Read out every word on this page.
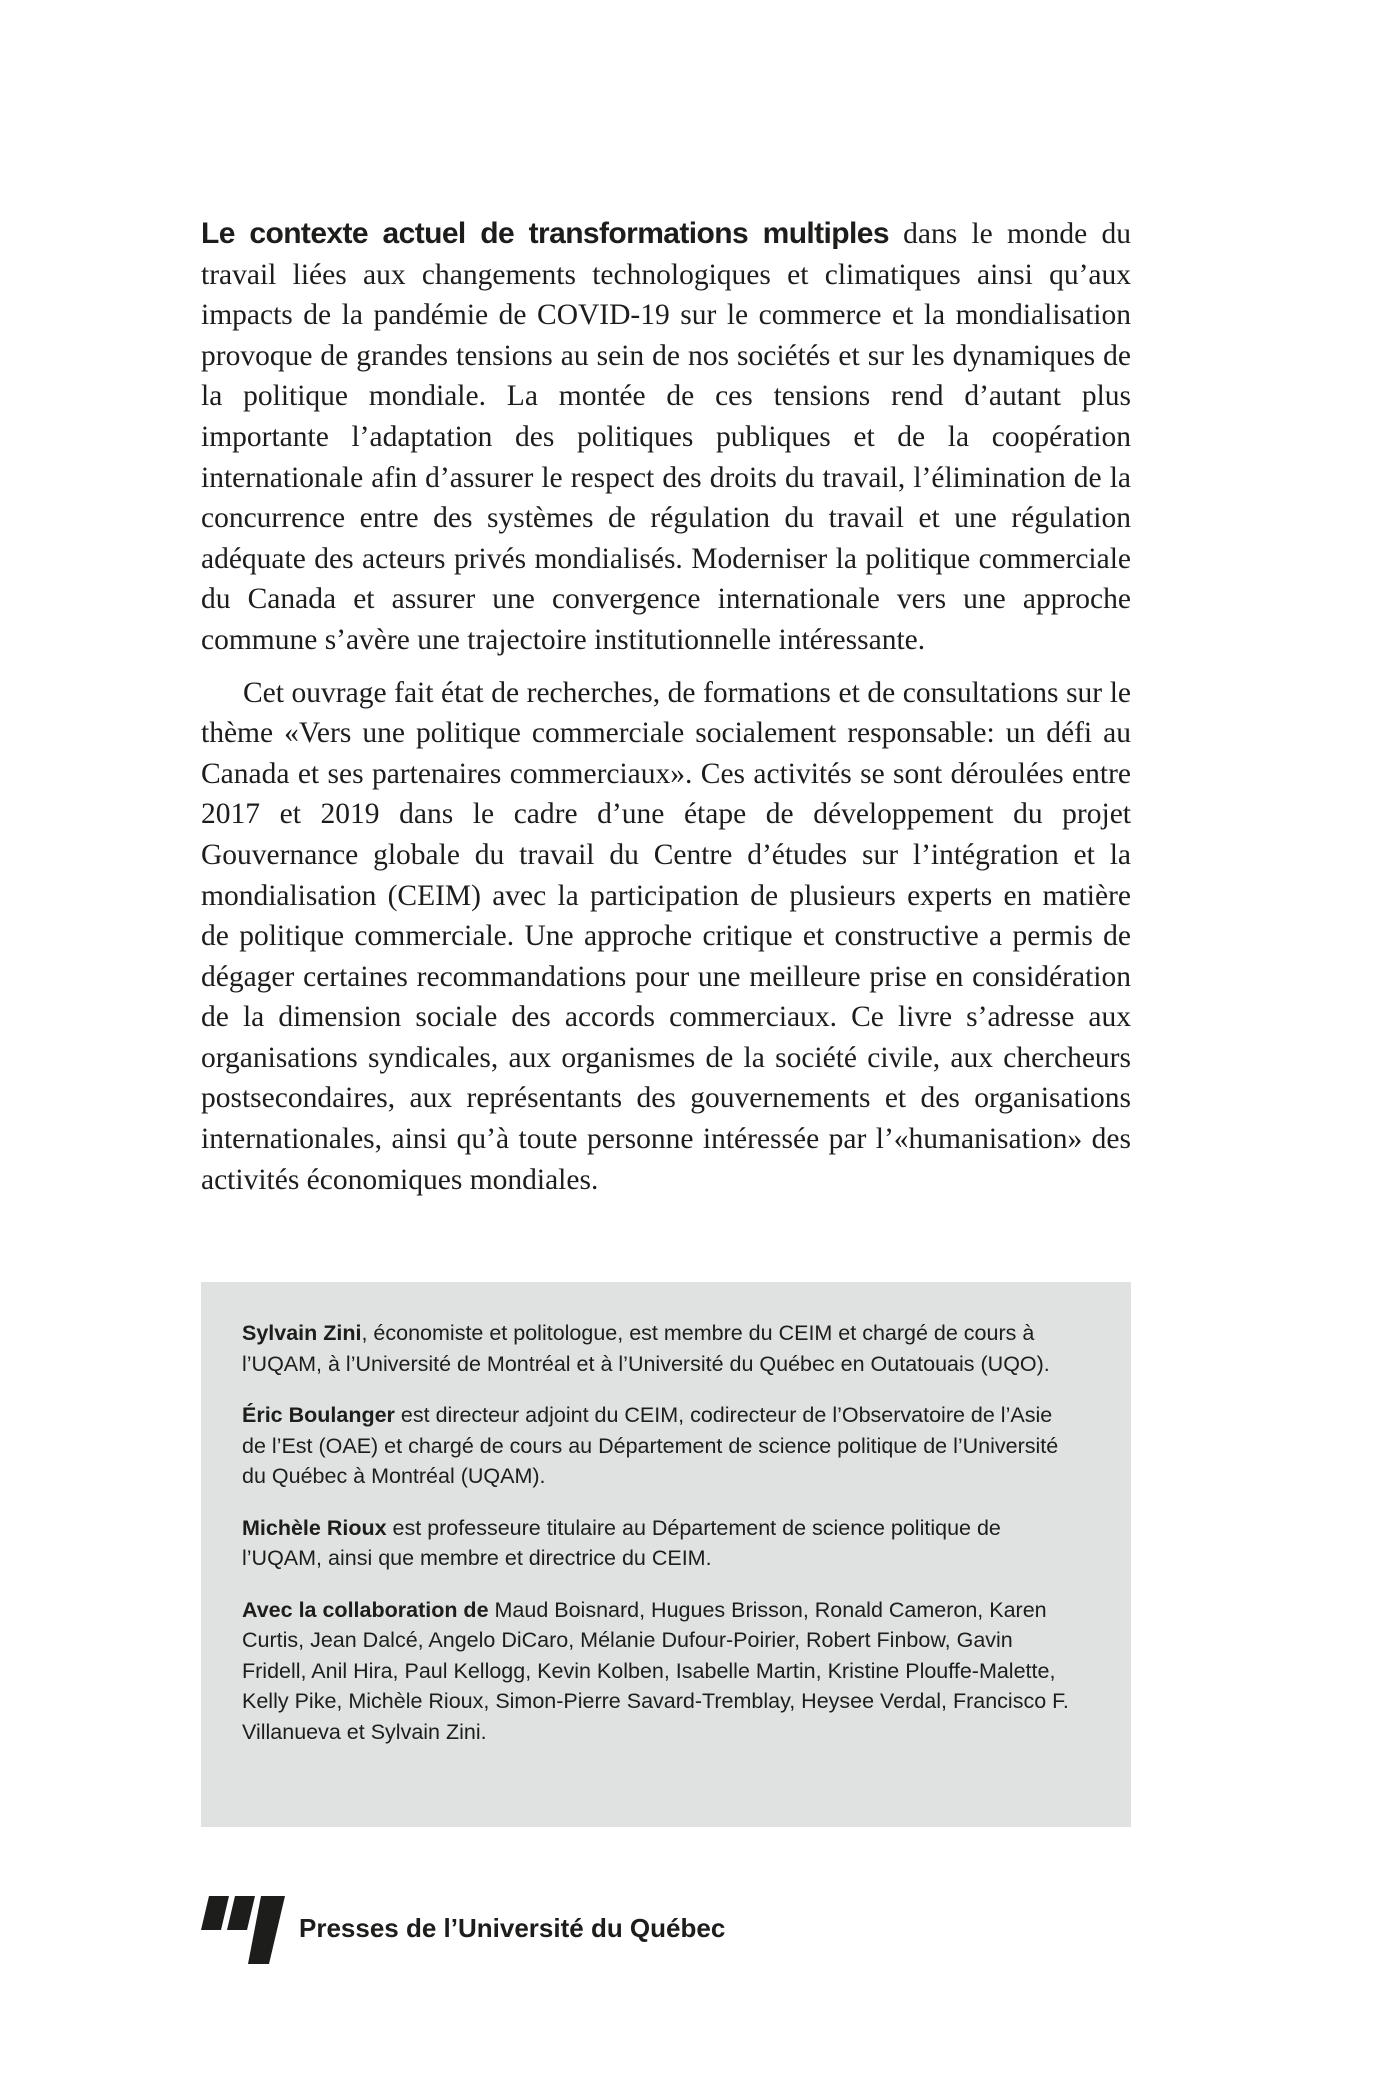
Le contexte actuel de transformations multiples dans le monde du travail liées aux changements technologiques et climatiques ainsi qu’aux impacts de la pandémie de COVID-19 sur le commerce et la mondialisation provoque de grandes tensions au sein de nos sociétés et sur les dynamiques de la politique mondiale. La montée de ces tensions rend d’autant plus importante l’adaptation des politiques publiques et de la coopération internationale afin d’assurer le respect des droits du travail, l’élimination de la concurrence entre des systèmes de régulation du travail et une régulation adéquate des acteurs privés mondialisés. Moderniser la politique commerciale du Canada et assurer une convergence internationale vers une approche commune s’avère une trajectoire institutionnelle intéressante.

Cet ouvrage fait état de recherches, de formations et de consultations sur le thème «Vers une politique commerciale socialement responsable: un défi au Canada et ses partenaires commerciaux». Ces activités se sont déroulées entre 2017 et 2019 dans le cadre d’une étape de développement du projet Gouvernance globale du travail du Centre d’études sur l’intégration et la mondialisation (CEIM) avec la participation de plusieurs experts en matière de politique commerciale. Une approche critique et constructive a permis de dégager certaines recommandations pour une meilleure prise en considération de la dimension sociale des accords commerciaux. Ce livre s’adresse aux organisations syndicales, aux organismes de la société civile, aux chercheurs postsecondaires, aux représentants des gouvernements et des organisations internationales, ainsi qu’à toute personne intéressée par l’«humanisation» des activités économiques mondiales.

Sylvain Zini, économiste et politologue, est membre du CEIM et chargé de cours à l’UQAM, à l’Université de Montréal et à l’Université du Québec en Outatouais (UQO).

Éric Boulanger est directeur adjoint du CEIM, codirecteur de l’Observatoire de l’Asie de l’Est (OAE) et chargé de cours au Département de science politique de l’Université du Québec à Montréal (UQAM).

Michèle Rioux est professeure titulaire au Département de science politique de l’UQAM, ainsi que membre et directrice du CEIM.

Avec la collaboration de Maud Boisnard, Hugues Brisson, Ronald Cameron, Karen Curtis, Jean Dalcé, Angelo DiCaro, Mélanie Dufour-Poirier, Robert Finbow, Gavin Fridell, Anil Hira, Paul Kellogg, Kevin Kolben, Isabelle Martin, Kristine Plouffe-Malette, Kelly Pike, Michèle Rioux, Simon-Pierre Savard-Tremblay, Heysee Verdal, Francisco F. Villanueva et Sylvain Zini.

Presses de l’Université du Québec
